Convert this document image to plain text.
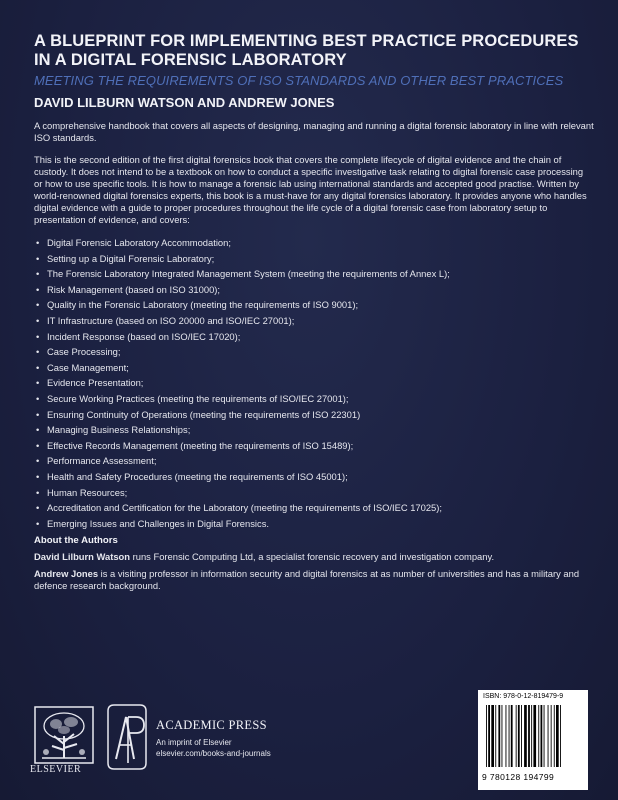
A BLUEPRINT FOR IMPLEMENTING BEST PRACTICE PROCEDURES
IN A DIGITAL FORENSIC LABORATORY
MEETING THE REQUIREMENTS OF ISO STANDARDS AND OTHER BEST PRACTICES
DAVID LILBURN WATSON AND ANDREW JONES

A comprehensive handbook that covers all aspects of designing, managing and running a digital forensic laboratory in line with relevant ISO standards.

This is the second edition of the first digital forensics book that covers the complete lifecycle of digital evidence and the chain of custody. It does not intend to be a textbook on how to conduct a specific investigative task relating to digital forensic case processing or how to use specific tools. It is how to manage a forensic lab using international standards and accepted good practise. Written by world-renowned digital forensics experts, this book is a must-have for any digital forensics laboratory. It provides anyone who handles digital evidence with a guide to proper procedures throughout the life cycle of a digital forensic case from laboratory setup to presentation of evidence, and covers:

• Digital Forensic Laboratory Accommodation;
• Setting up a Digital Forensic Laboratory;
• The Forensic Laboratory Integrated Management System (meeting the requirements of Annex L);
• Risk Management (based on ISO 31000);
• Quality in the Forensic Laboratory (meeting the requirements of ISO 9001);
• IT Infrastructure (based on ISO 20000 and ISO/IEC 27001);
• Incident Response (based on ISO/IEC 17020);
• Case Processing;
• Case Management;
• Evidence Presentation;
• Secure Working Practices (meeting the requirements of ISO/IEC 27001);
• Ensuring Continuity of Operations (meeting the requirements of ISO 22301)
• Managing Business Relationships;
• Effective Records Management (meeting the requirements of ISO 15489);
• Performance Assessment;
• Health and Safety Procedures (meeting the requirements of ISO 45001);
• Human Resources;
• Accreditation and Certification for the Laboratory (meeting the requirements of ISO/IEC 17025);
• Emerging Issues and Challenges in Digital Forensics.
About the Authors
David Lilburn Watson runs Forensic Computing Ltd, a specialist forensic recovery and investigation company.
Andrew Jones is a visiting professor in information security and digital forensics at as number of universities and has a military and defence research background.
ELSEVIER
ACADEMIC PRESS
An imprint of Elsevier
elsevier.com/books-and-journals
ISBN: 978-0-12-819479-9
9 780128 194799
